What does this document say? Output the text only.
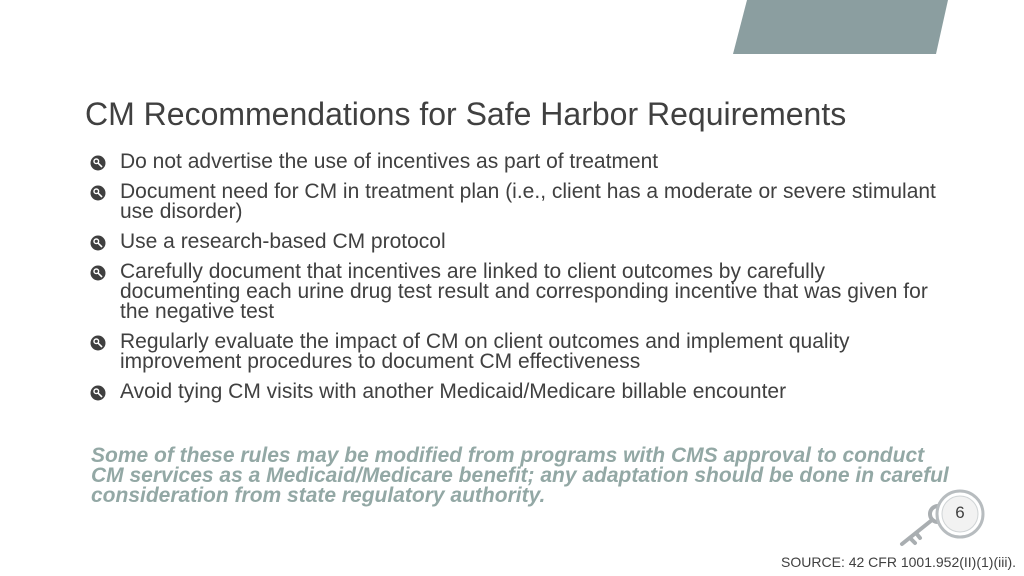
CM Recommendations for Safe Harbor Requirements
Do not advertise the use of incentives as part of treatment
Document need for CM in treatment plan (i.e., client has a moderate or severe stimulant use disorder)
Use a research-based CM protocol
Carefully document that incentives are linked to client outcomes by carefully documenting each urine drug test result and corresponding incentive that was given for the negative test
Regularly evaluate the impact of CM on client outcomes and implement quality improvement procedures to document CM effectiveness
Avoid tying CM visits with another Medicaid/Medicare billable encounter

Some of these rules may be modified from programs with CMS approval to conduct CM services as a Medicaid/Medicare benefit; any adaptation should be done in careful consideration from state regulatory authority.

6
SOURCE: 42 CFR 1001.952(II)(1)(iii).
